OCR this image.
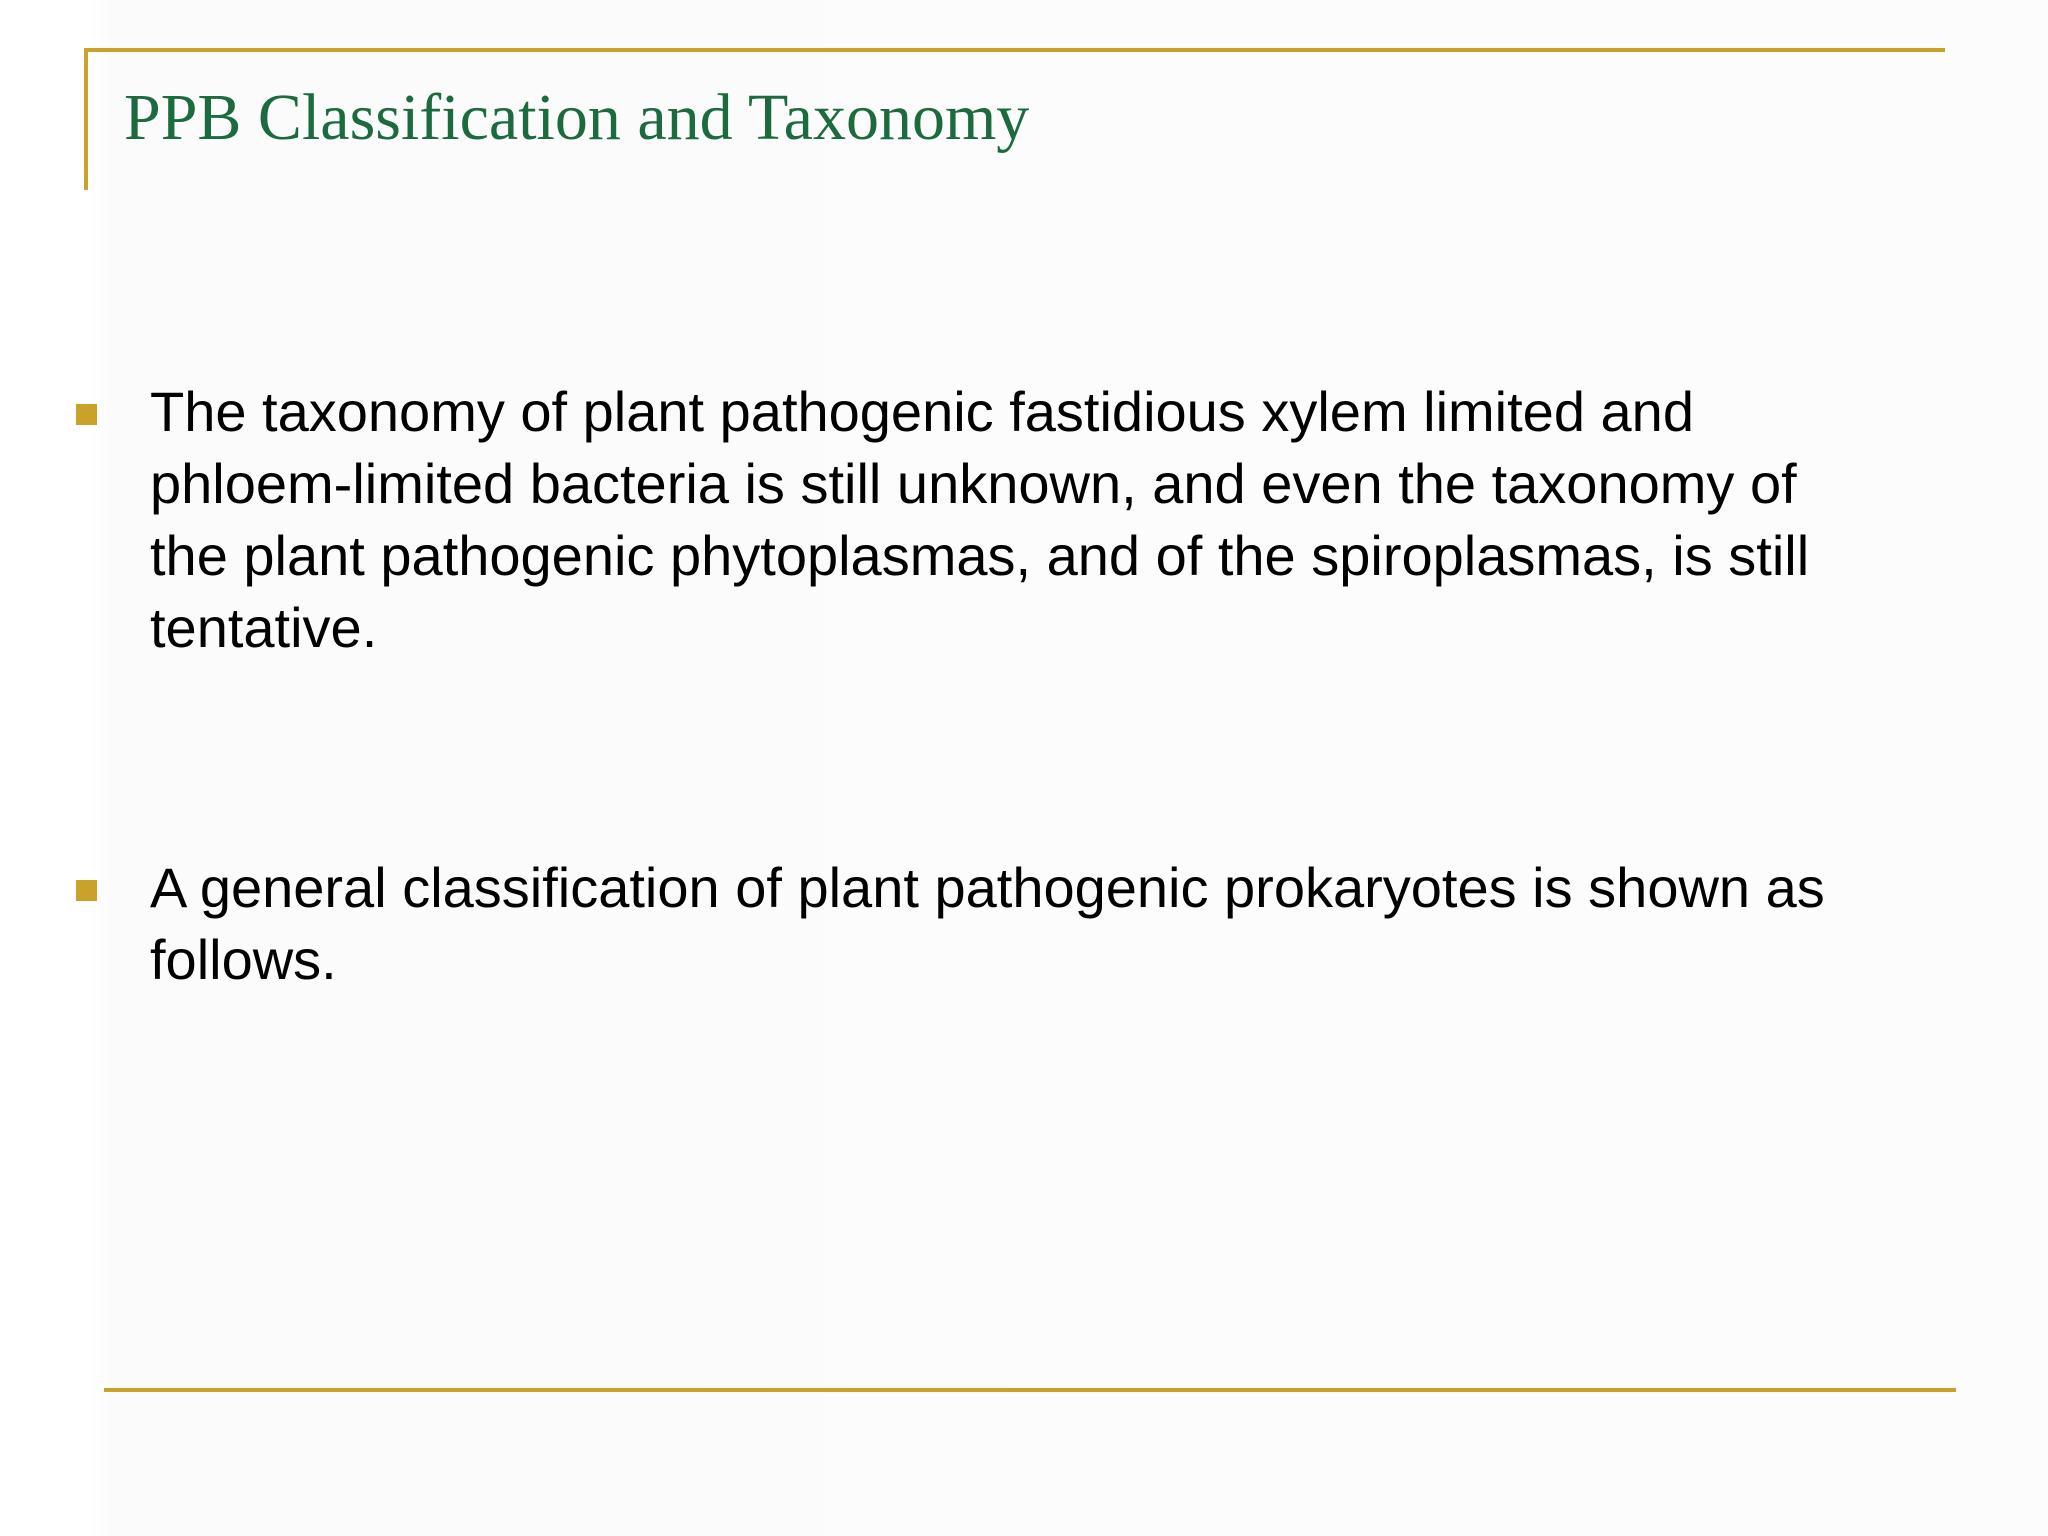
PPB Classification and Taxonomy
The taxonomy of plant pathogenic fastidious xylem limited and
phloem-limited bacteria is still unknown, and even the taxonomy of
the plant pathogenic phytoplasmas, and of the spiroplasmas, is still
tentative.
A general classification of plant pathogenic prokaryotes is shown as
follows.
